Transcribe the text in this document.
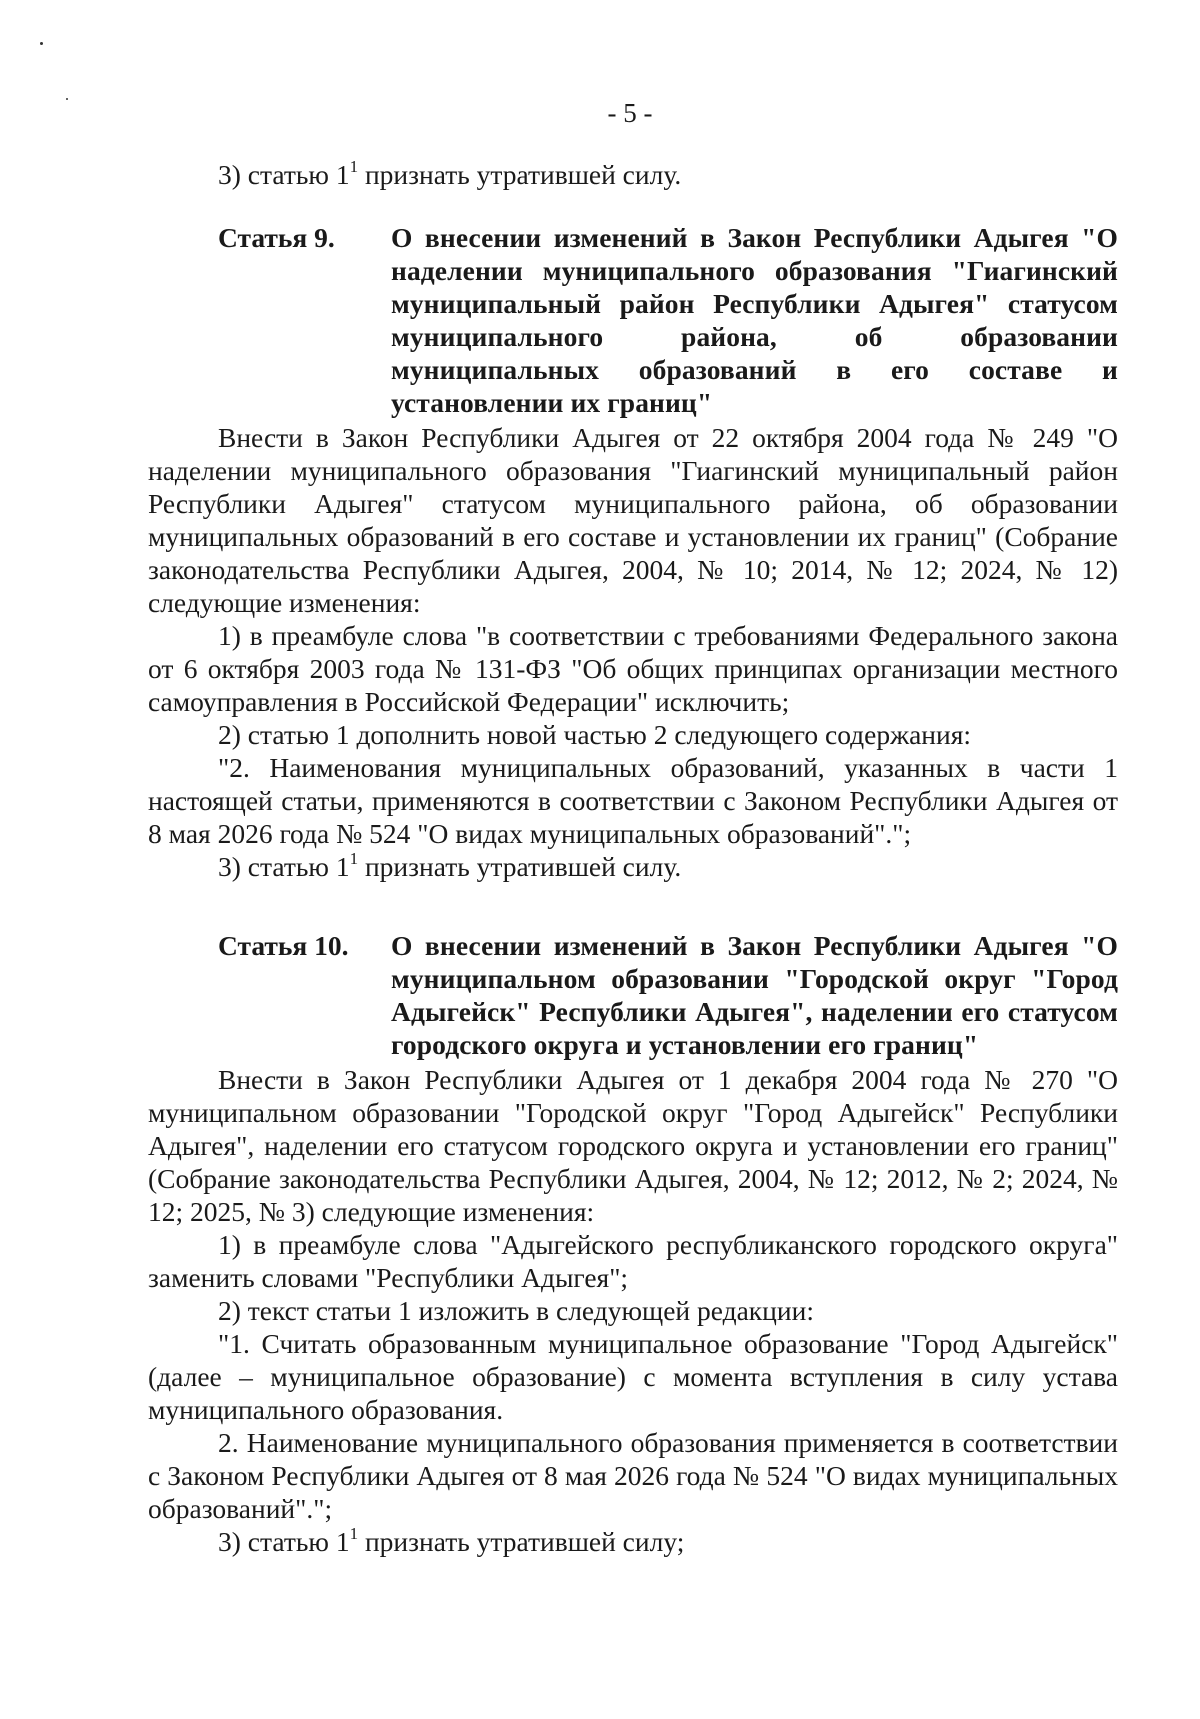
- 5 -

3) статью $1^1$ признать утратившей силу.

Статья 9.	О внесении изменений в Закон Республики Адыгея "О наделении муниципального образования "Гиагинский муниципальный район Республики Адыгея" статусом муниципального района, об образовании муниципальных образований в его составе и установлении их границ"

Внести в Закон Республики Адыгея от 22 октября 2004 года № 249 "О наделении муниципального образования "Гиагинский муниципальный район Республики Адыгея" статусом муниципального района, об образовании муниципальных образований в его составе и установлении их границ" (Собрание законодательства Республики Адыгея, 2004, № 10; 2014, № 12; 2024, № 12) следующие изменения:

1) в преамбуле слова "в соответствии с требованиями Федерального закона от 6 октября 2003 года № 131-ФЗ "Об общих принципах организации местного самоуправления в Российской Федерации" исключить;

2) статью 1 дополнить новой частью 2 следующего содержания:

"2. Наименования муниципальных образований, указанных в части 1 настоящей статьи, применяются в соответствии с Законом Республики Адыгея от 8 мая 2026 года № 524 "О видах муниципальных образований".";

3) статью $1^1$ признать утратившей силу.

Статья 10.	О внесении изменений в Закон Республики Адыгея "О муниципальном образовании "Городской округ "Город Адыгейск" Республики Адыгея", наделении его статусом городского округа и установлении его границ"

Внести в Закон Республики Адыгея от 1 декабря 2004 года № 270 "О муниципальном образовании "Городской округ "Город Адыгейск" Республики Адыгея", наделении его статусом городского округа и установлении его границ" (Собрание законодательства Республики Адыгея, 2004, № 12; 2012, № 2; 2024, № 12; 2025, № 3) следующие изменения:

1) в преамбуле слова "Адыгейского республиканского городского округа" заменить словами "Республики Адыгея";

2) текст статьи 1 изложить в следующей редакции:

"1. Считать образованным муниципальное образование "Город Адыгейск" (далее – муниципальное образование) с момента вступления в силу устава муниципального образования.

2. Наименование муниципального образования применяется в соответствии с Законом Республики Адыгея от 8 мая 2026 года № 524 "О видах муниципальных образований".";

3) статью $1^1$ признать утратившей силу;
